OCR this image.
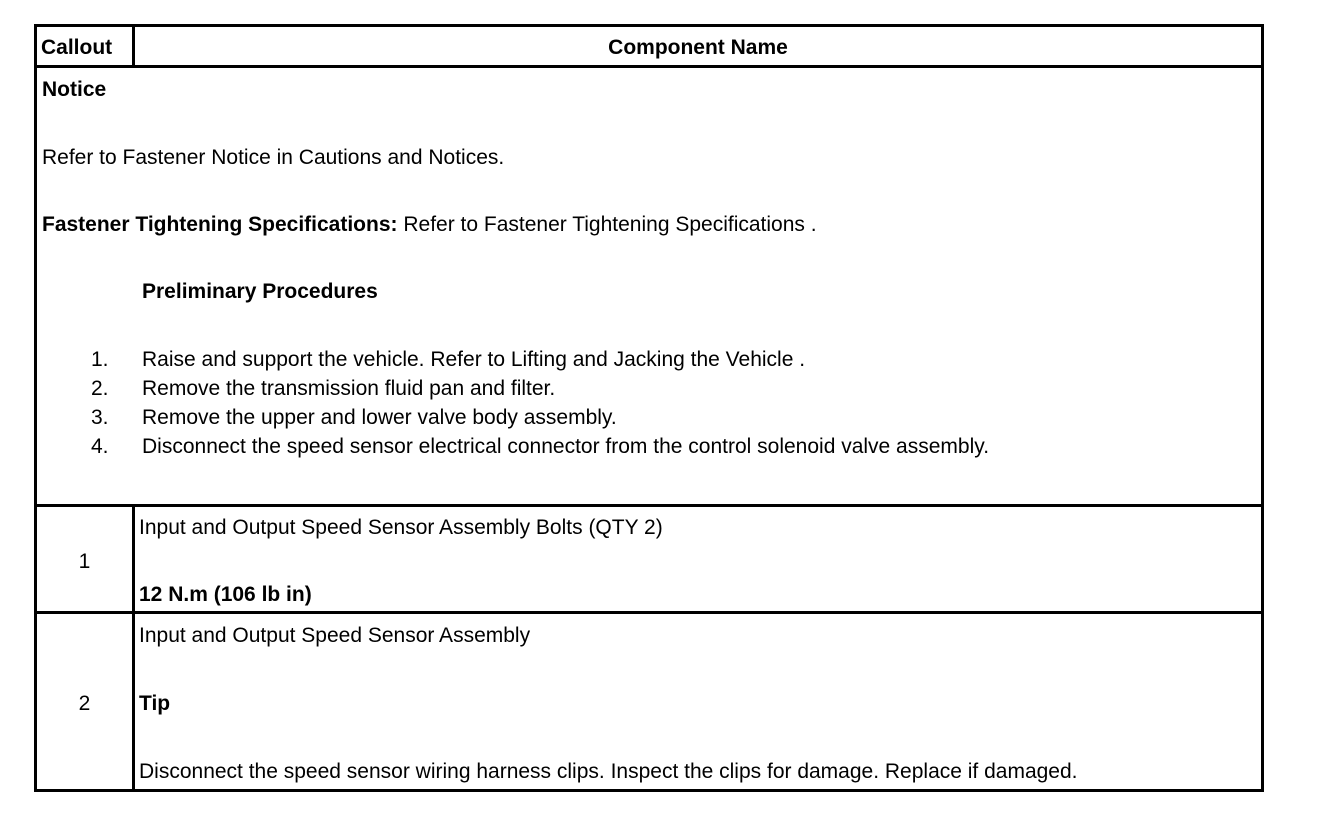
Callout	Component Name
Notice
Refer to Fastener Notice in Cautions and Notices.
Fastener Tightening Specifications: Refer to Fastener Tightening Specifications .
Preliminary Procedures
1. Raise and support the vehicle. Refer to Lifting and Jacking the Vehicle .
2. Remove the transmission fluid pan and filter.
3. Remove the upper and lower valve body assembly.
4. Disconnect the speed sensor electrical connector from the control solenoid valve assembly.
1
Input and Output Speed Sensor Assembly Bolts (QTY 2)
12 N.m (106 lb in)
2
Input and Output Speed Sensor Assembly
Tip
Disconnect the speed sensor wiring harness clips. Inspect the clips for damage. Replace if damaged.
